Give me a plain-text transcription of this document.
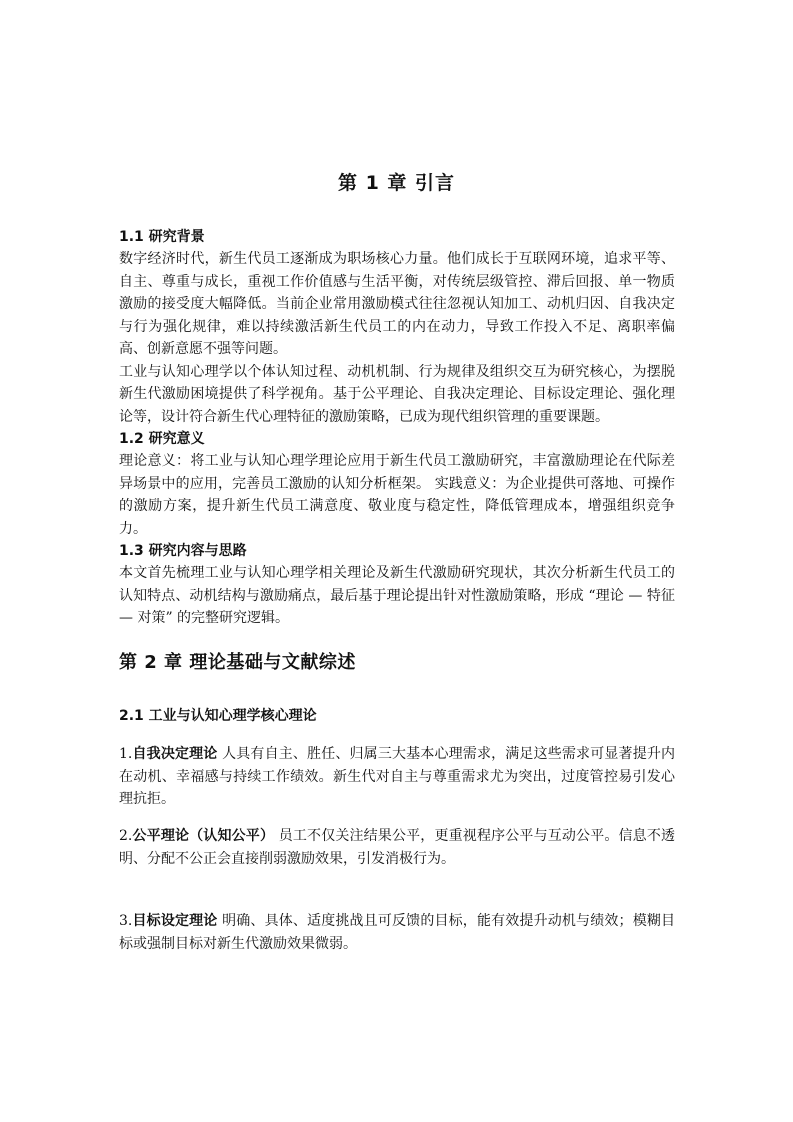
第 1 章 引言
1.1 研究背景

数字经济时代，新生代员工逐渐成为职场核心力量。他们成长于互联网环境，追求平等、自主、尊重与成长，重视工作价值感与生活平衡，对传统层级管控、滞后回报、单一物质激励的接受度大幅降低。当前企业常用激励模式往往忽视认知加工、动机归因、自我决定与行为强化规律，难以持续激活新生代员工的内在动力，导致工作投入不足、离职率偏高、创新意愿不强等问题。

工业与认知心理学以个体认知过程、动机机制、行为规律及组织交互为研究核心，为摆脱新生代激励困境提供了科学视角。基于公平理论、自我决定理论、目标设定理论、强化理论等，设计符合新生代心理特征的激励策略，已成为现代组织管理的重要课题。

1.2 研究意义

理论意义：将工业与认知心理学理论应用于新生代员工激励研究，丰富激励理论在代际差异场景中的应用，完善员工激励的认知分析框架。 实践意义：为企业提供可落地、可操作的激励方案，提升新生代员工满意度、敬业度与稳定性，降低管理成本，增强组织竞争力。

1.3 研究内容与思路

本文首先梳理工业与认知心理学相关理论及新生代激励研究现状，其次分析新生代员工的认知特点、动机结构与激励痛点，最后基于理论提出针对性激励策略，形成 “理论 — 特征 — 对策” 的完整研究逻辑。

第 2 章 理论基础与文献综述
2.1 工业与认知心理学核心理论

1.自我决定理论 人具有自主、胜任、归属三大基本心理需求，满足这些需求可显著提升内在动机、幸福感与持续工作绩效。新生代对自主与尊重需求尤为突出，过度管控易引发心理抗拒。

2.公平理论（认知公平） 员工不仅关注结果公平，更重视程序公平与互动公平。信息不透明、分配不公正会直接削弱激励效果，引发消极行为。

3.目标设定理论 明确、具体、适度挑战且可反馈的目标，能有效提升动机与绩效；模糊目标或强制目标对新生代激励效果微弱。
